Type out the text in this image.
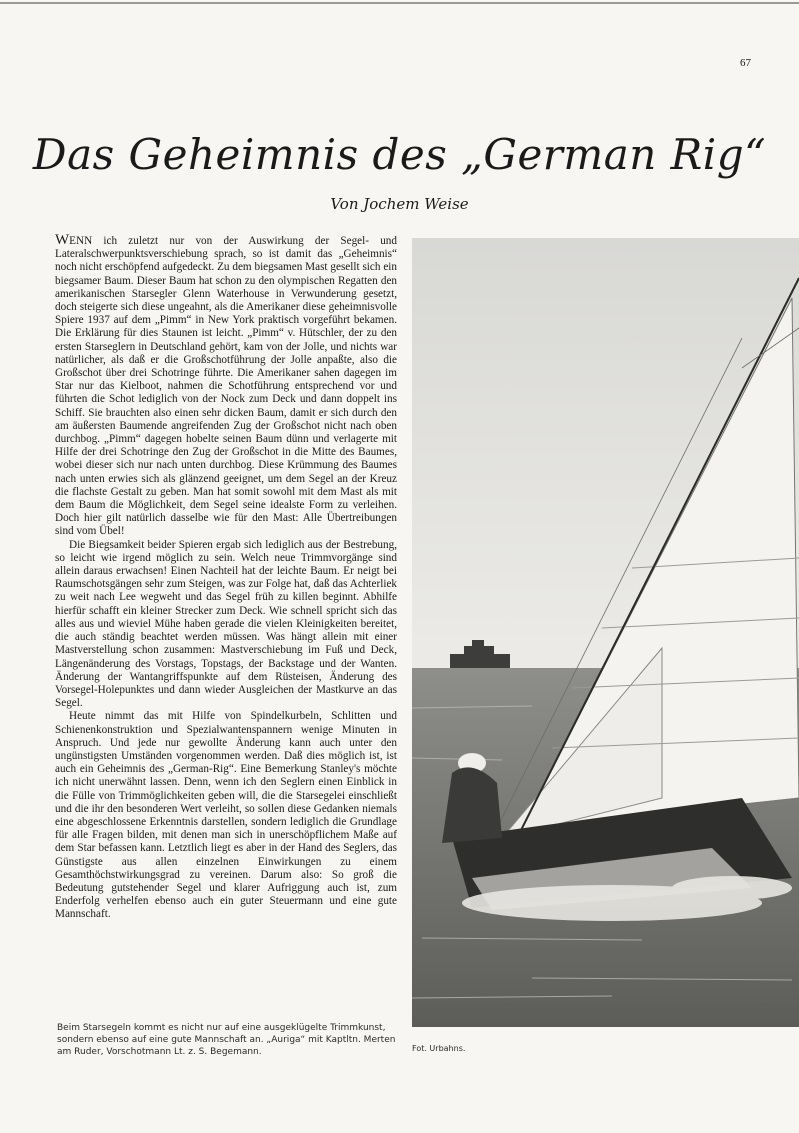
67
Das Geheimnis des „German Rig“
Von Jochem Weise

WENN ich zuletzt nur von der Auswirkung der Segel- und Lateralschwerpunktsverschiebung sprach, so ist damit das „Geheimnis“ noch nicht erschöpfend aufgedeckt. Zu dem biegsamen Mast gesellt sich ein biegsamer Baum. Dieser Baum hat schon zu den olympischen Regatten den amerikanischen Starsegler Glenn Waterhouse in Verwunderung gesetzt, doch steigerte sich diese ungeahnt, als die Amerikaner diese geheimnisvolle Spiere 1937 auf dem „Pimm“ in New York praktisch vorgeführt bekamen. Die Erklärung für dies Staunen ist leicht. „Pimm“ v. Hütschler, der zu den ersten Starseglern in Deutschland gehört, kam von der Jolle, und nichts war natürlicher, als daß er die Großschotführung der Jolle anpaßte, also die Großschot über drei Schotringe führte. Die Amerikaner sahen dagegen im Star nur das Kielboot, nahmen die Schotführung entsprechend vor und führten die Schot lediglich von der Nock zum Deck und dann doppelt ins Schiff. Sie brauchten also einen sehr dicken Baum, damit er sich durch den am äußersten Baumende angreifenden Zug der Großschot nicht nach oben durchbog. „Pimm“ dagegen hobelte seinen Baum dünn und verlagerte mit Hilfe der drei Schotringe den Zug der Großschot in die Mitte des Baumes, wobei dieser sich nur nach unten durchbog. Diese Krümmung des Baumes nach unten erwies sich als glänzend geeignet, um dem Segel an der Kreuz die flachste Gestalt zu geben. Man hat somit sowohl mit dem Mast als mit dem Baum die Möglichkeit, dem Segel seine idealste Form zu verleihen. Doch hier gilt natürlich dasselbe wie für den Mast: Alle Übertreibungen sind vom Übel!

Die Biegsamkeit beider Spieren ergab sich lediglich aus der Bestrebung, so leicht wie irgend möglich zu sein. Welch neue Trimmvorgänge sind allein daraus erwachsen! Einen Nachteil hat der leichte Baum. Er neigt bei Raumschotsgängen sehr zum Steigen, was zur Folge hat, daß das Achterliek zu weit nach Lee wegweht und das Segel früh zu killen beginnt. Abhilfe hierfür schafft ein kleiner Strecker zum Deck. Wie schnell spricht sich das alles aus und wieviel Mühe haben gerade die vielen Kleinigkeiten bereitet, die auch ständig beachtet werden müssen. Was hängt allein mit einer Mastverstellung schon zusammen: Mastverschiebung im Fuß und Deck, Längenänderung des Vorstags, Topstags, der Backstage und der Wanten. Änderung der Wantangriffspunkte auf dem Rüsteisen, Änderung des Vorsegel-Holepunktes und dann wieder Ausgleichen der Mastkurve an das Segel.

Heute nimmt das mit Hilfe von Spindelkurbeln, Schlitten und Schienenkonstruktion und Spezialwantenspannern wenige Minuten in Anspruch. Und jede nur gewollte Änderung kann auch unter den ungünstigsten Umständen vorgenommen werden. Daß dies möglich ist, ist auch ein Geheimnis des „German-Rig“. Eine Bemerkung Stanley's möchte ich nicht unerwähnt lassen. Denn, wenn ich den Seglern einen Einblick in die Fülle von Trimmöglichkeiten geben will, die die Starsegelei einschließt und die ihr den besonderen Wert verleiht, so sollen diese Gedanken niemals eine abgeschlossene Erkenntnis darstellen, sondern lediglich die Grundlage für alle Fragen bilden, mit denen man sich in unerschöpflichem Maße auf dem Star befassen kann. Letztlich liegt es aber in der Hand des Seglers, das Günstigste aus allen einzelnen Einwirkungen zu einem Gesamthöchstwirkungsgrad zu vereinen. Darum also: So groß die Bedeutung gutstehender Segel und klarer Aufriggung auch ist, zum Enderfolg verhelfen ebenso auch ein guter Steuermann und eine gute Mannschaft.

Beim Starsegeln kommt es nicht nur auf eine ausgeklügelte Trimmkunst, sondern ebenso auf eine gute Mannschaft an. „Auriga“ mit Kaptltn. Merten am Ruder, Vorschotmann Lt. z. S. Begemann.	Fot. Urbahns.
